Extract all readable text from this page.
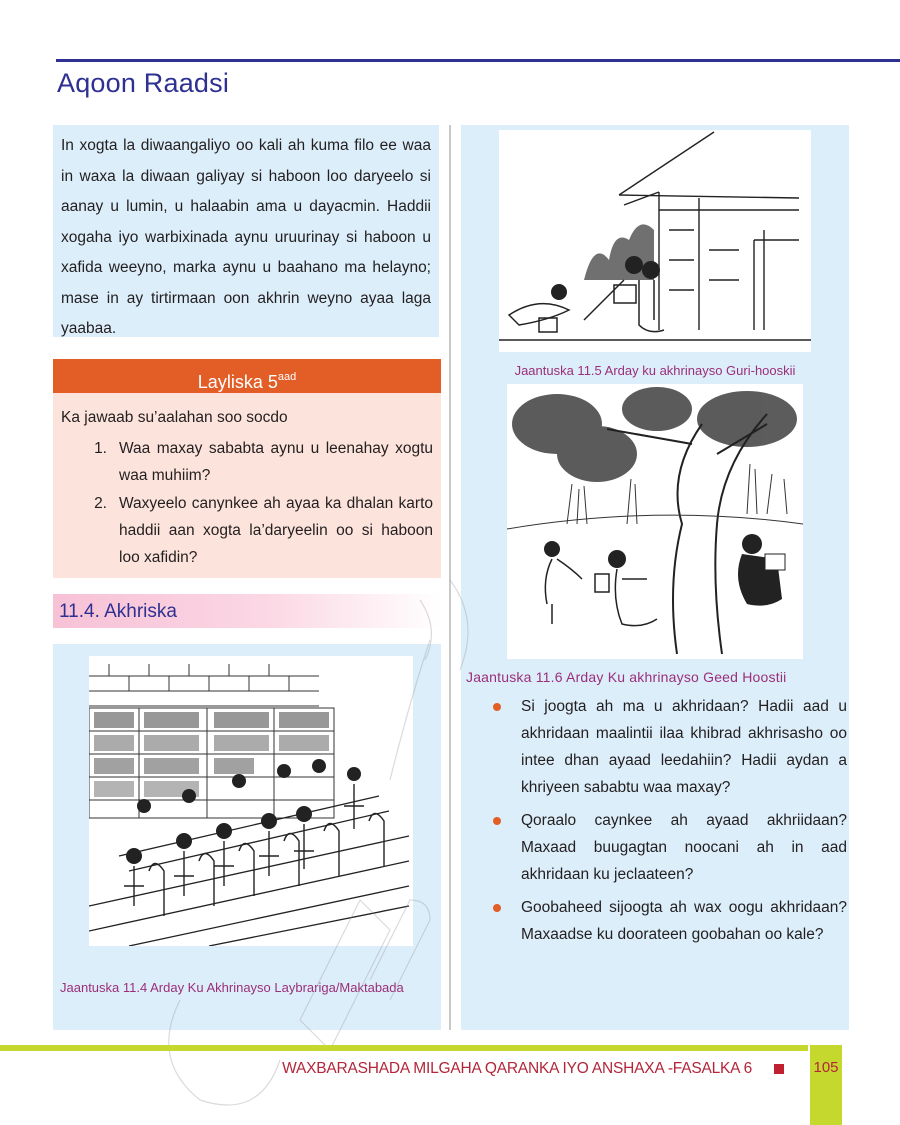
Aqoon Raadsi

In xogta la diwaangaliyo oo kali ah kuma filo ee waa in waxa la diwaan galiyay si haboon loo daryeelo si aanay u lumin, u halaabin ama u dayacmin. Haddii xogaha iyo warbixinada aynu uruurinay si haboon u xafida weeyno, marka aynu u baahano ma helayno; mase in ay tirtirmaan oon akhrin weyno ayaa laga yaabaa.

Layliska $5^{aad}$

Ka jawaab su’aalahan soo socdo

1. Waa maxay sababta aynu u leenahay xogtu waa muhiim?
2. Waxyeelo canynkee ah ayaa ka dhalan karto haddii aan xogta la’daryeelin oo si haboon loo xafidin?
11.4. Akhriska

Jaantuska 11.4 Arday Ku Akhrinayso Laybrariga/Maktabada

Jaantuska 11.5 Arday ku akhrinayso Guri-hooskii

Jaantuska 11.6 Arday Ku akhrinayso Geed Hoostii

Si joogta ah ma u akhridaan? Hadii aad u akhridaan maalintii ilaa khibrad akhrisasho oo intee dhan ayaad leedahiin? Hadii aydan a khriyeen sababtu waa maxay?
Qoraalo caynkee ah ayaad akhriidaan? Maxaad buugagtan noocani ah in aad akhridaan ku jeclaateen?
Goobaheed sijoogta ah wax oogu akhridaan? Maxaadse ku doorateen goobahan oo kale?

WAXBARASHADA MILGAHA QARANKA IYO ANSHAXA -FASALKA 6	105
